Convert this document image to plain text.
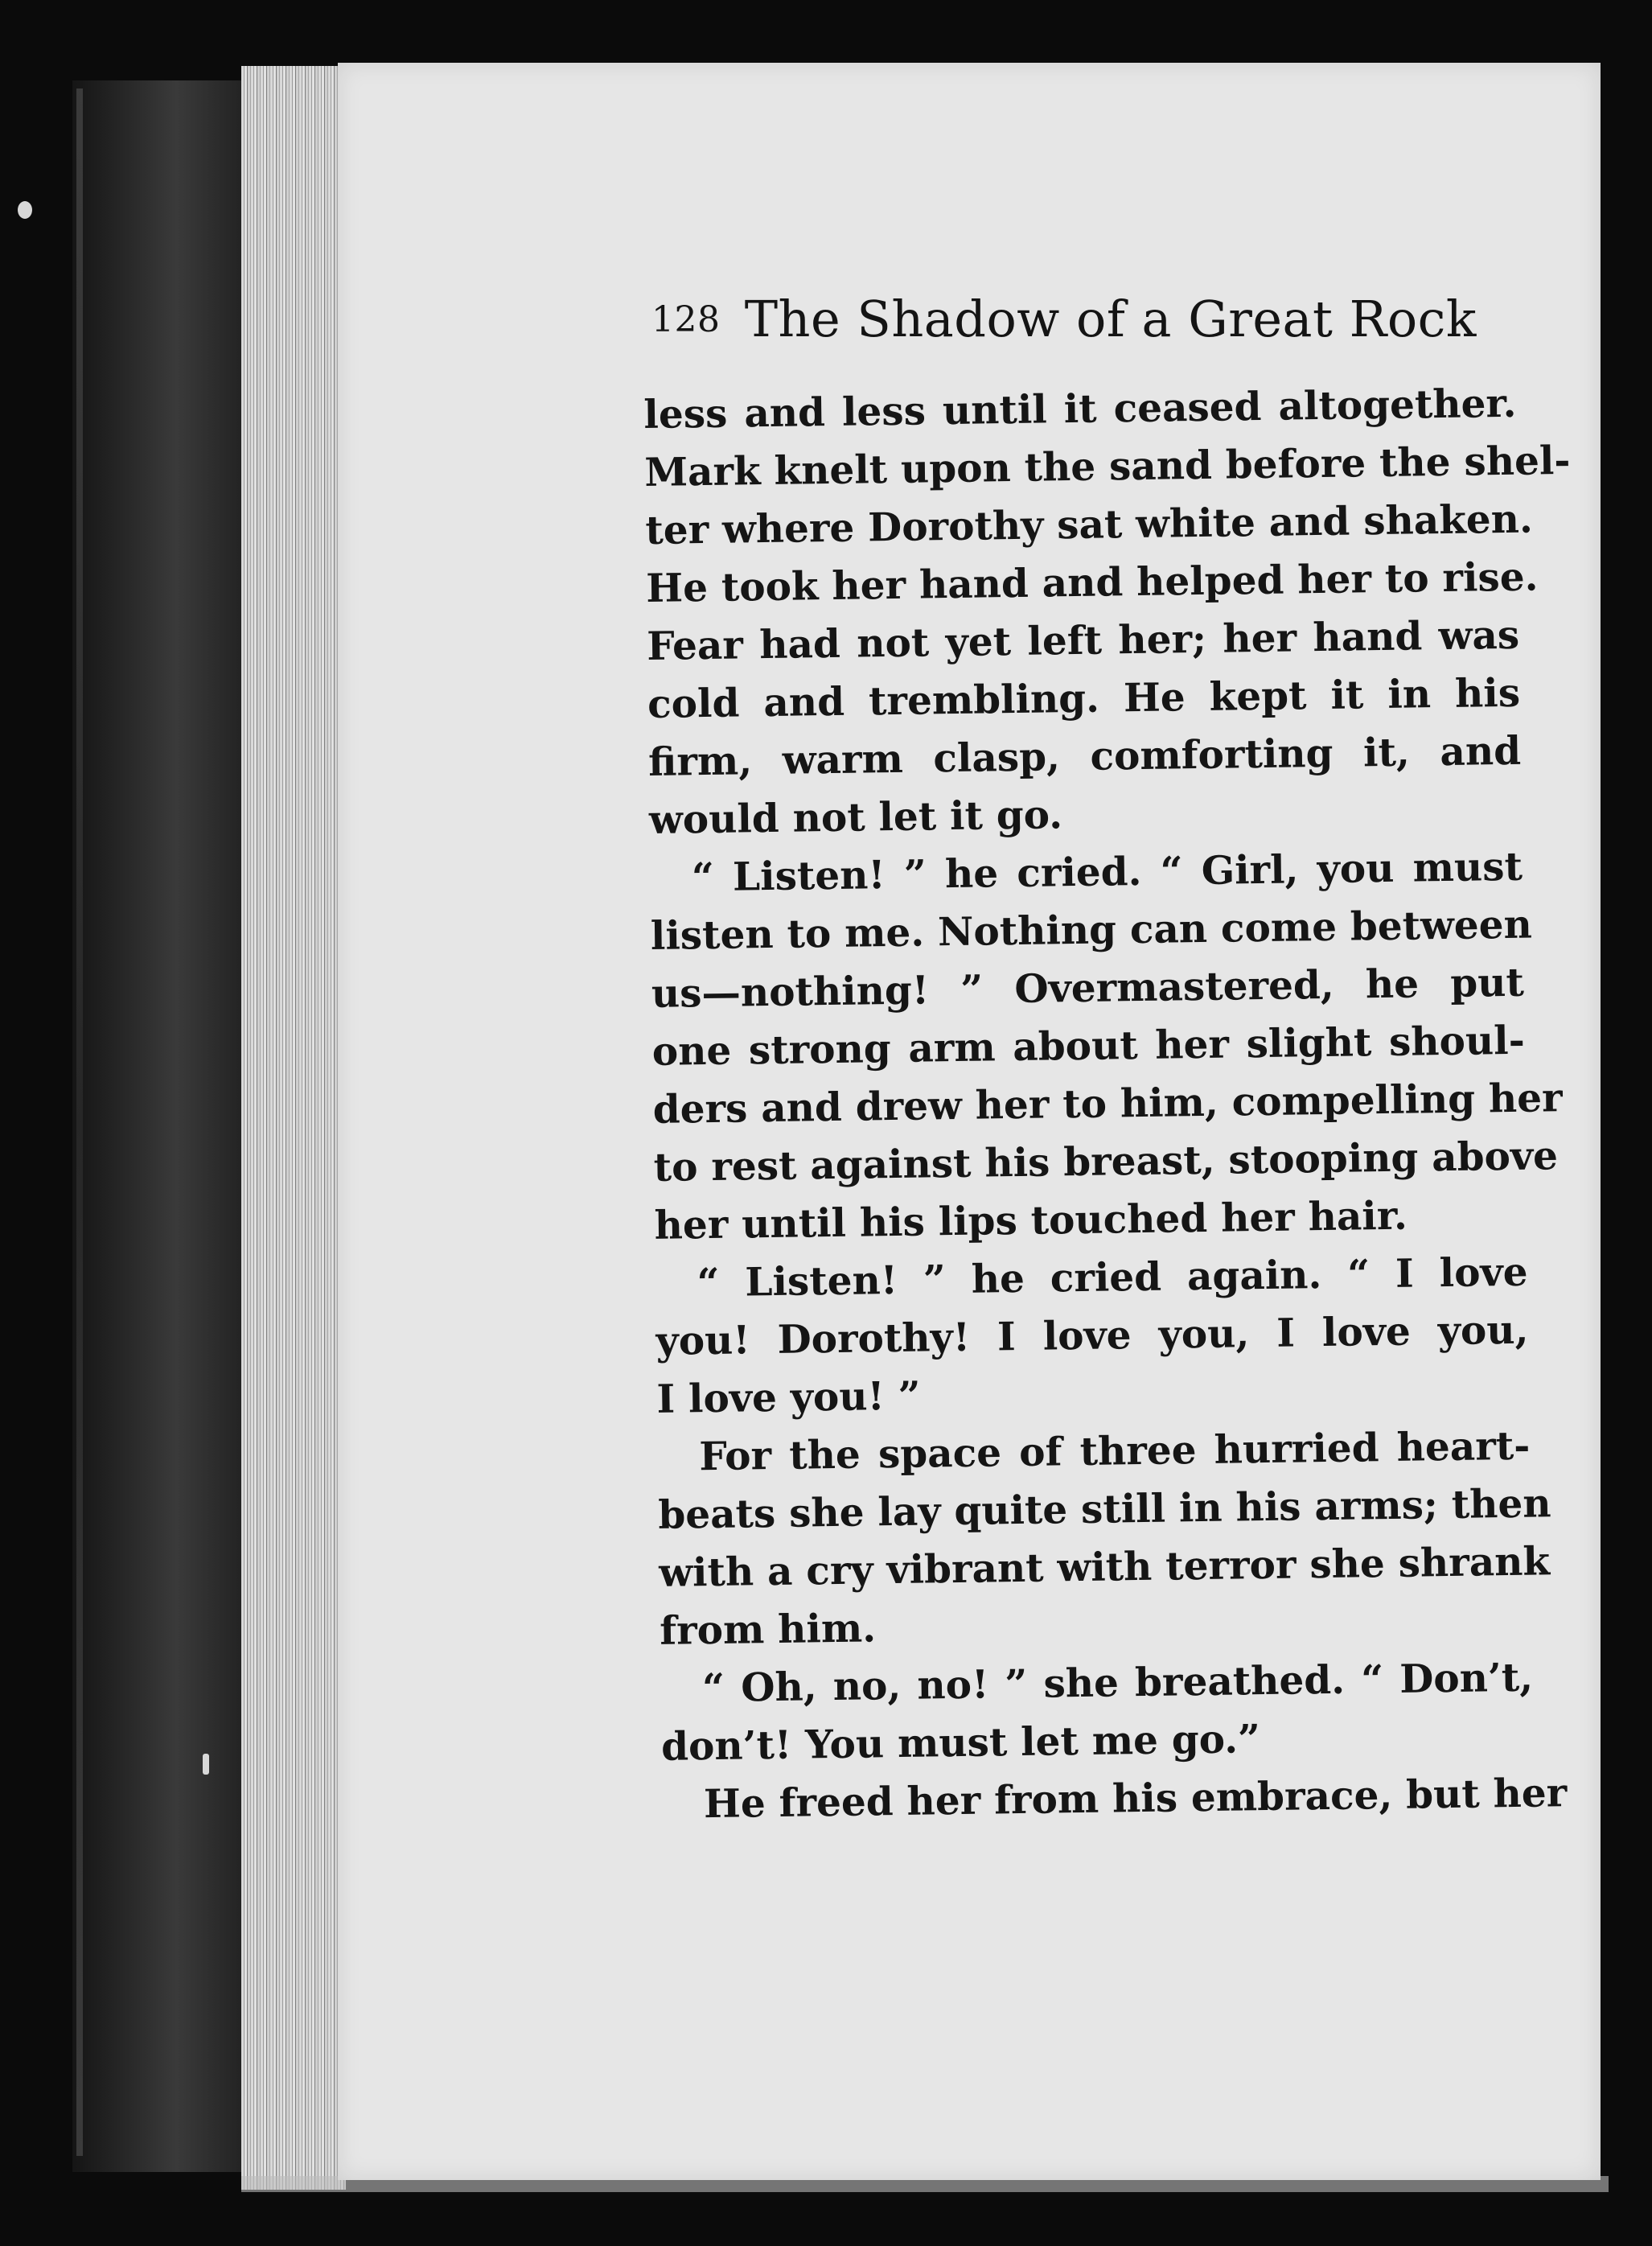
128 The Shadow of a Great Rock
less and less until it ceased altogether.
Mark knelt upon the sand before the shel-
ter where Dorothy sat white and shaken.
He took her hand and helped her to rise.
Fear had not yet left her; her hand was
cold and trembling. He kept it in his
firm, warm clasp, comforting it, and
would not let it go.
“ Listen! ” he cried. “ Girl, you must
listen to me. Nothing can come between
us—nothing! ” Overmastered, he put
one strong arm about her slight shoul-
ders and drew her to him, compelling her
to rest against his breast, stooping above
her until his lips touched her hair.
“ Listen! ” he cried again. “ I love
you! Dorothy! I love you, I love you,
I love you! ”
For the space of three hurried heart-
beats she lay quite still in his arms; then
with a cry vibrant with terror she shrank
from him.
“ Oh, no, no! ” she breathed. “ Don’t,
don’t! You must let me go.”
He freed her from his embrace, but her
